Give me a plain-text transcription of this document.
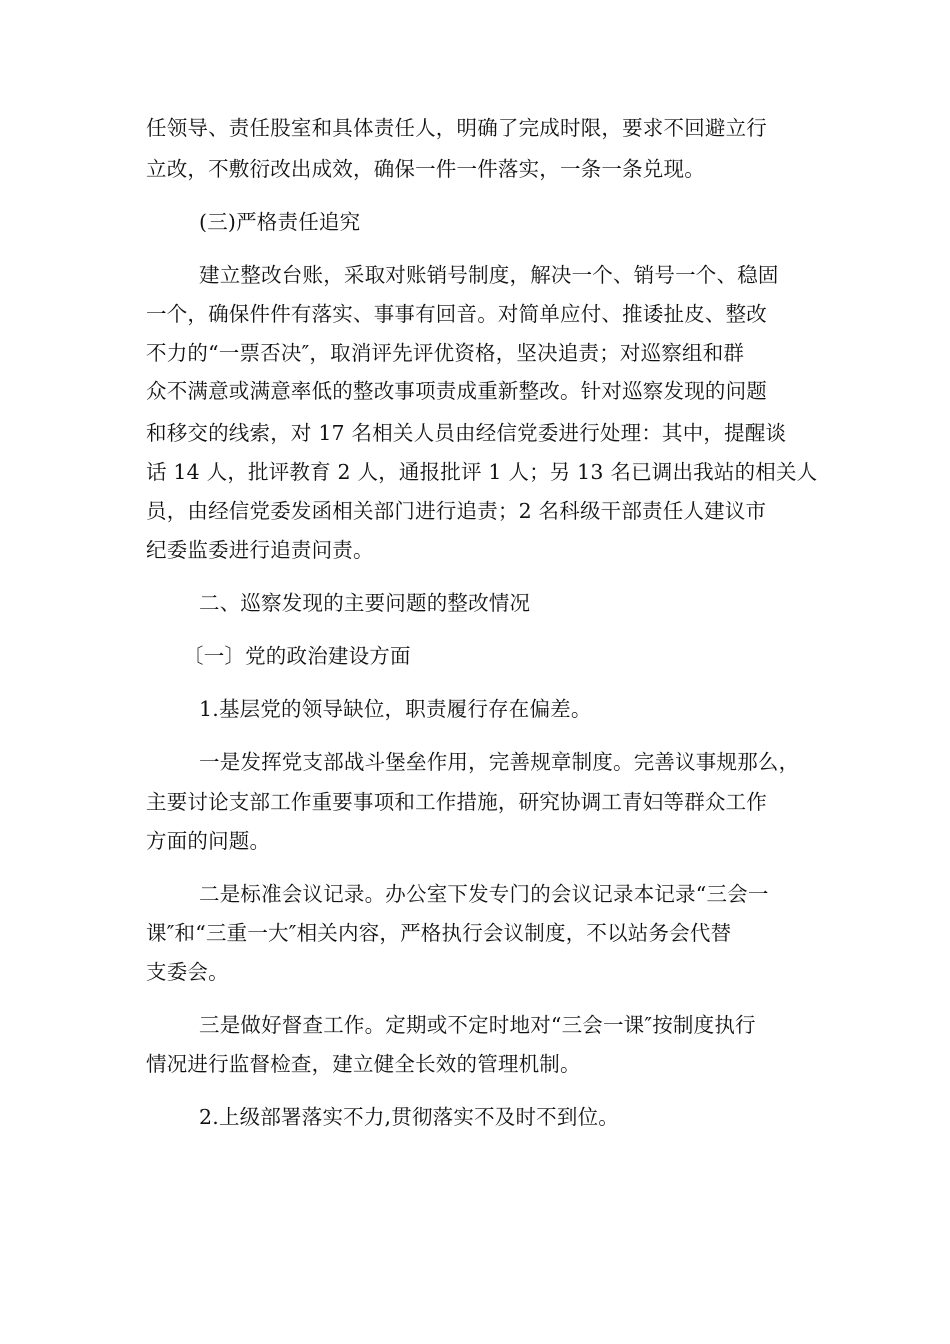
任领导、责任股室和具体责任人，明确了完成时限，要求不回避立行
立改，不敷衍改出成效，确保一件一件落实，一条一条兑现。
(三)严格责任追究
建立整改台账，采取对账销号制度，解决一个、销号一个、稳固
一个，确保件件有落实、事事有回音。对简单应付、推诿扯皮、整改
不力的“一票否决″，取消评先评优资格，坚决追责；对巡察组和群
众不满意或满意率低的整改事项责成重新整改。针对巡察发现的问题
和移交的线索，对 17 名相关人员由经信党委进行处理：其中，提醒谈
话 14 人，批评教育 2 人，通报批评 1 人；另 13 名已调出我站的相关人
员，由经信党委发函相关部门进行追责；2 名科级干部责任人建议市
纪委监委进行追责问责。
二、巡察发现的主要问题的整改情况
〔一〕党的政治建设方面
1.基层党的领导缺位，职责履行存在偏差。
一是发挥党支部战斗堡垒作用，完善规章制度。完善议事规那么，
主要讨论支部工作重要事项和工作措施，研究协调工青妇等群众工作
方面的问题。
二是标准会议记录。办公室下发专门的会议记录本记录“三会一
课″和“三重一大″相关内容，严格执行会议制度，不以站务会代替
支委会。
三是做好督查工作。定期或不定时地对“三会一课″按制度执行
情况进行监督检查，建立健全长效的管理机制。
2.上级部署落实不力,贯彻落实不及时不到位。
